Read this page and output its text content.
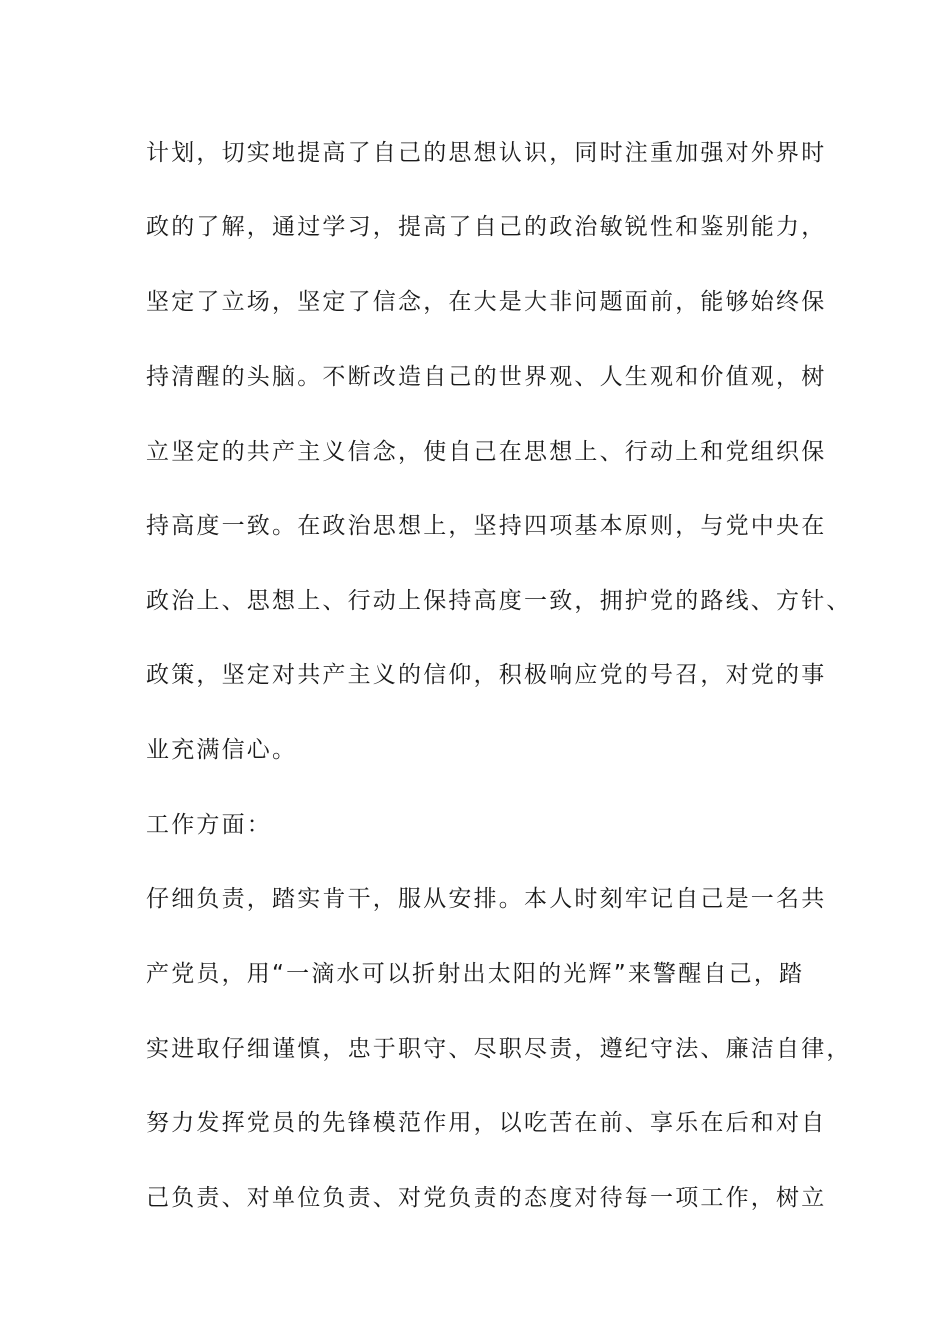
计划，切实地提高了自己的思想认识，同时注重加强对外界时
政的了解，通过学习，提高了自己的政治敏锐性和鉴别能力，
坚定了立场，坚定了信念，在大是大非问题面前，能够始终保
持清醒的头脑。不断改造自己的世界观、人生观和价值观，树
立坚定的共产主义信念，使自己在思想上、行动上和党组织保
持高度一致。在政治思想上，坚持四项基本原则，与党中央在
政治上、思想上、行动上保持高度一致，拥护党的路线、方针、
政策，坚定对共产主义的信仰，积极响应党的号召，对党的事
业充满信心。
工作方面：
仔细负责，踏实肯干，服从安排。本人时刻牢记自己是一名共
产党员，用“一滴水可以折射出太阳的光辉”来警醒自己，踏
实进取仔细谨慎，忠于职守、尽职尽责，遵纪守法、廉洁自律，
努力发挥党员的先锋模范作用，以吃苦在前、享乐在后和对自
己负责、对单位负责、对党负责的态度对待每一项工作，树立
